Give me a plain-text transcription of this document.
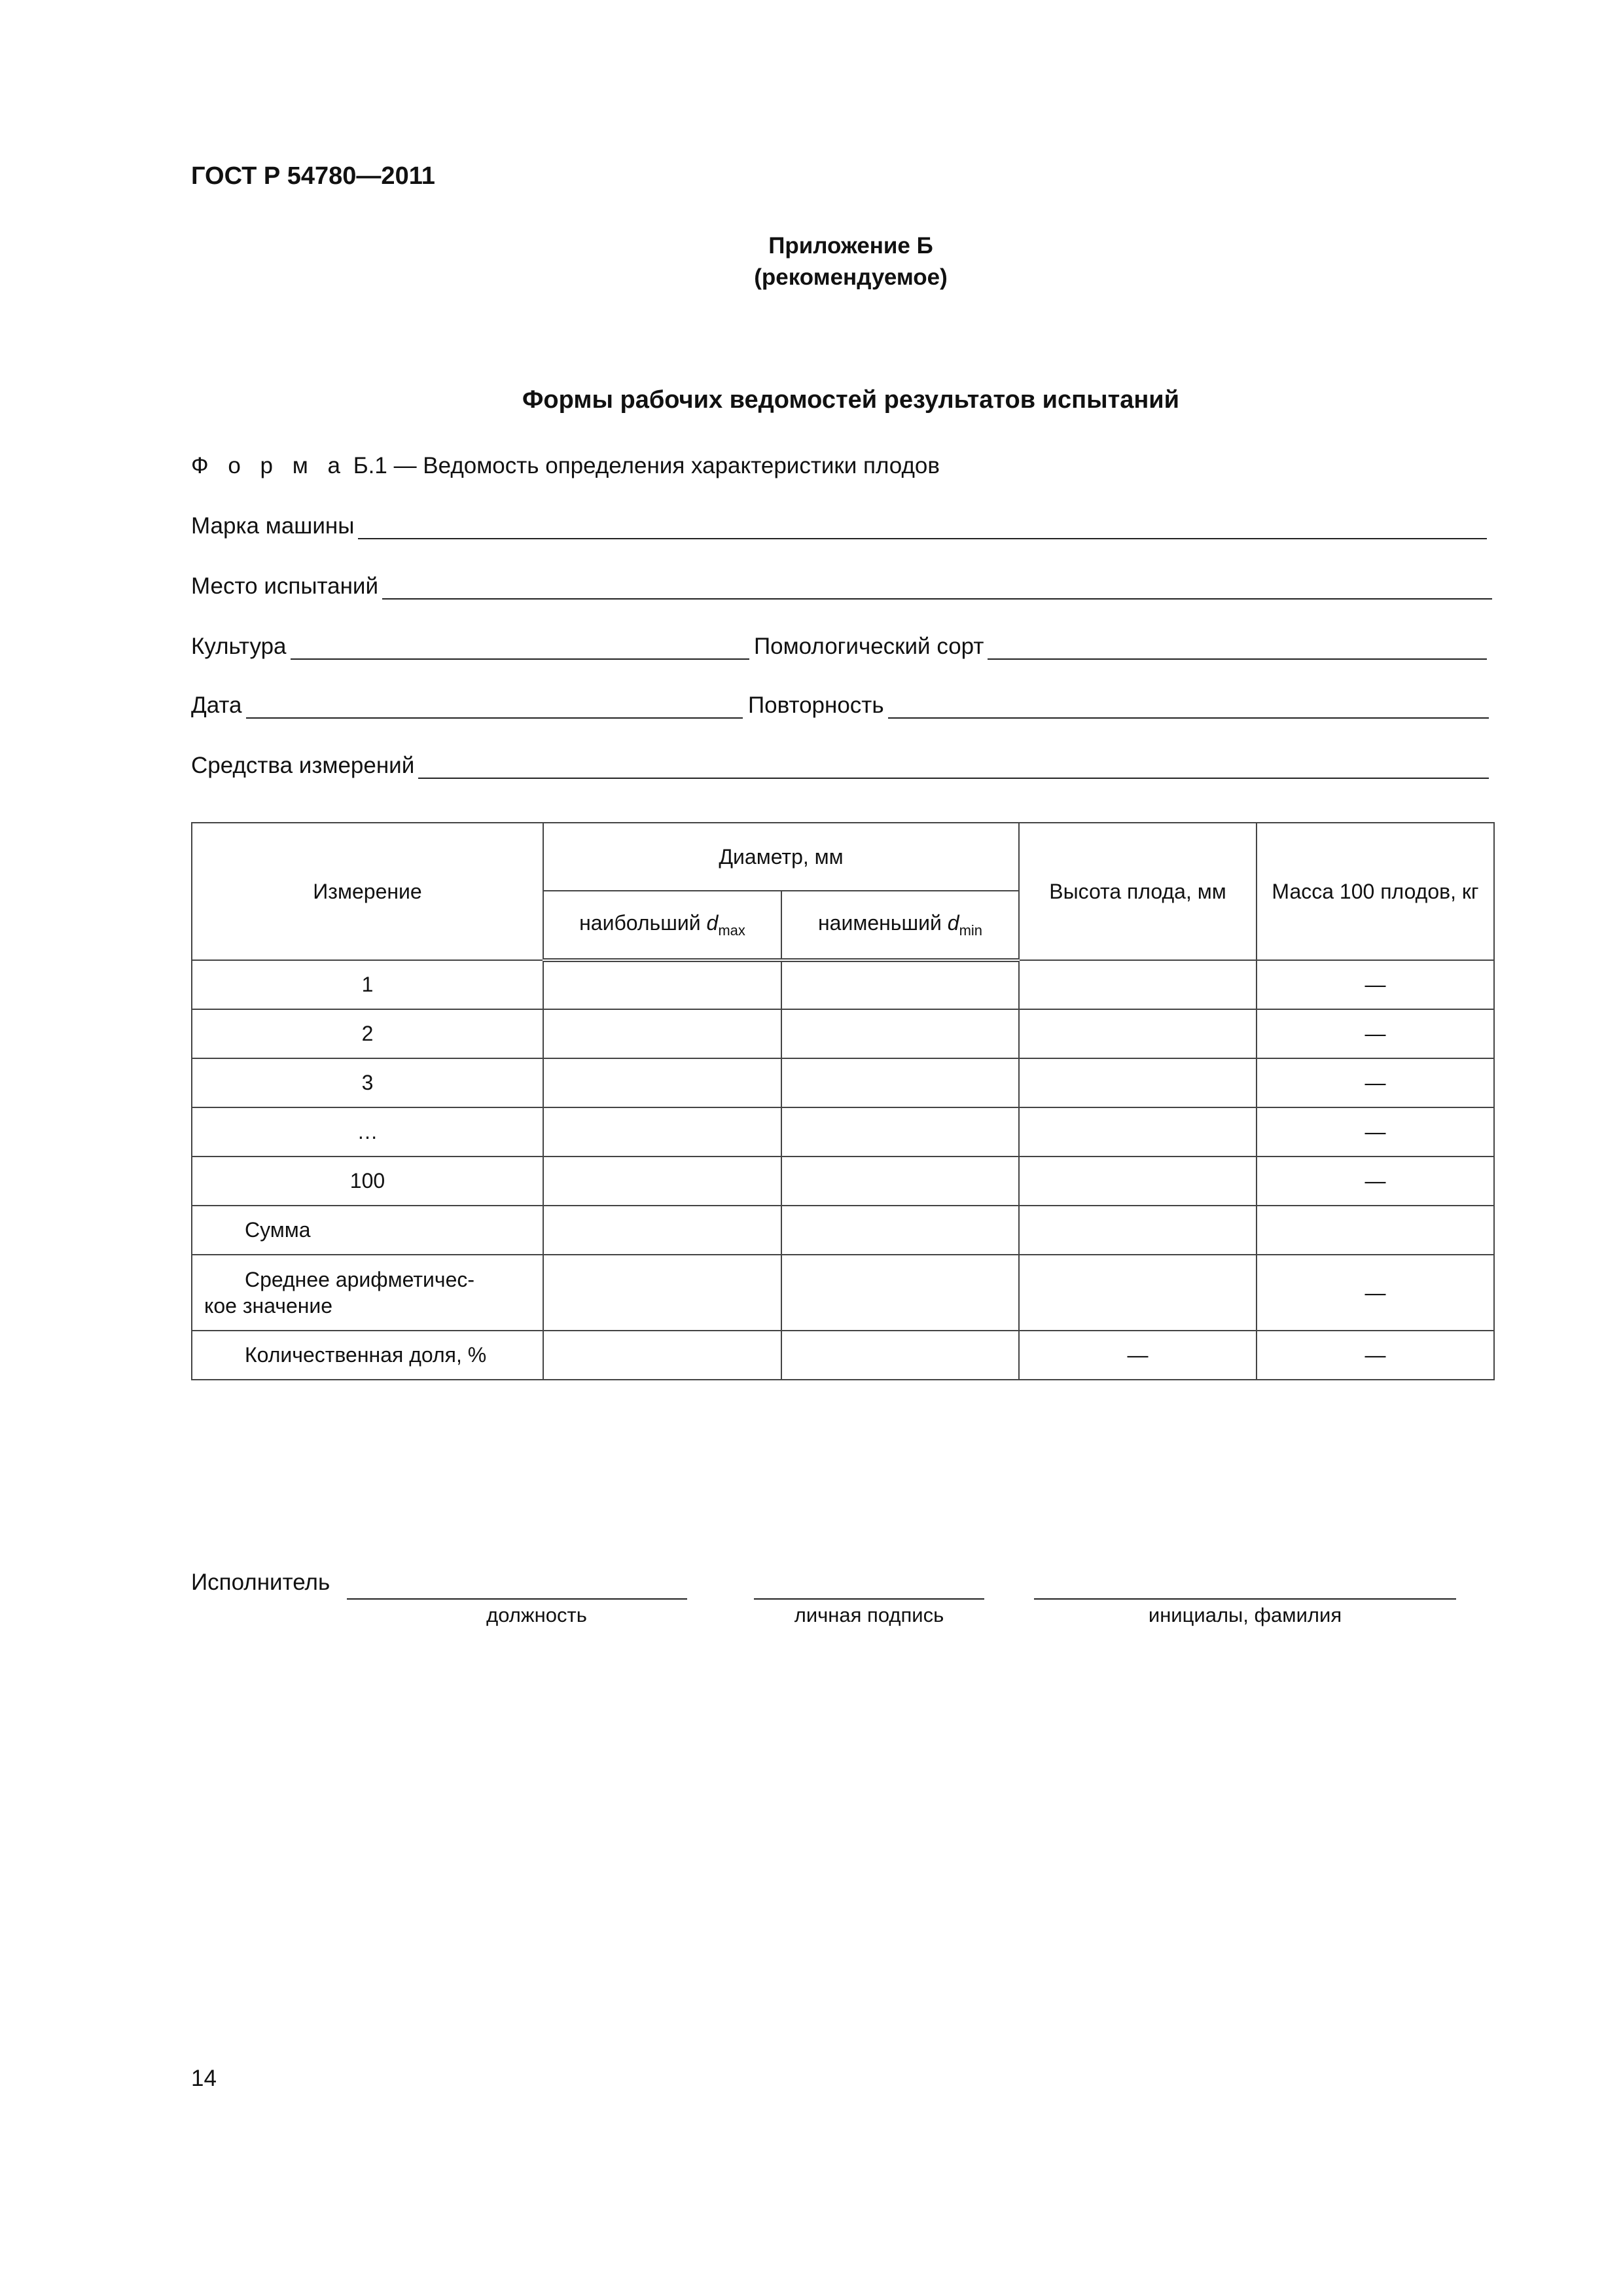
ГОСТ Р 54780—2011
Приложение Б
(рекомендуемое)
Формы рабочих ведомостей результатов испытаний
Ф о р м а Б.1 — Ведомость определения характеристики плодов
Марка машины
Место испытаний
Культура	Помологический сорт
Дата	Повторность
Средства измерений
Измерение	Диаметр, мм		Высота плода, мм	Масса 100 плодов, кг
	наибольший $d_{max}$	наименьший $d_{min}$
1				—
2				—
3				—
…				—
100				—
Сумма				
Среднее арифметичес-
кое значение				—
Количественная доля, %			—	—
Исполнитель
должность	личная подпись	инициалы, фамилия
14
